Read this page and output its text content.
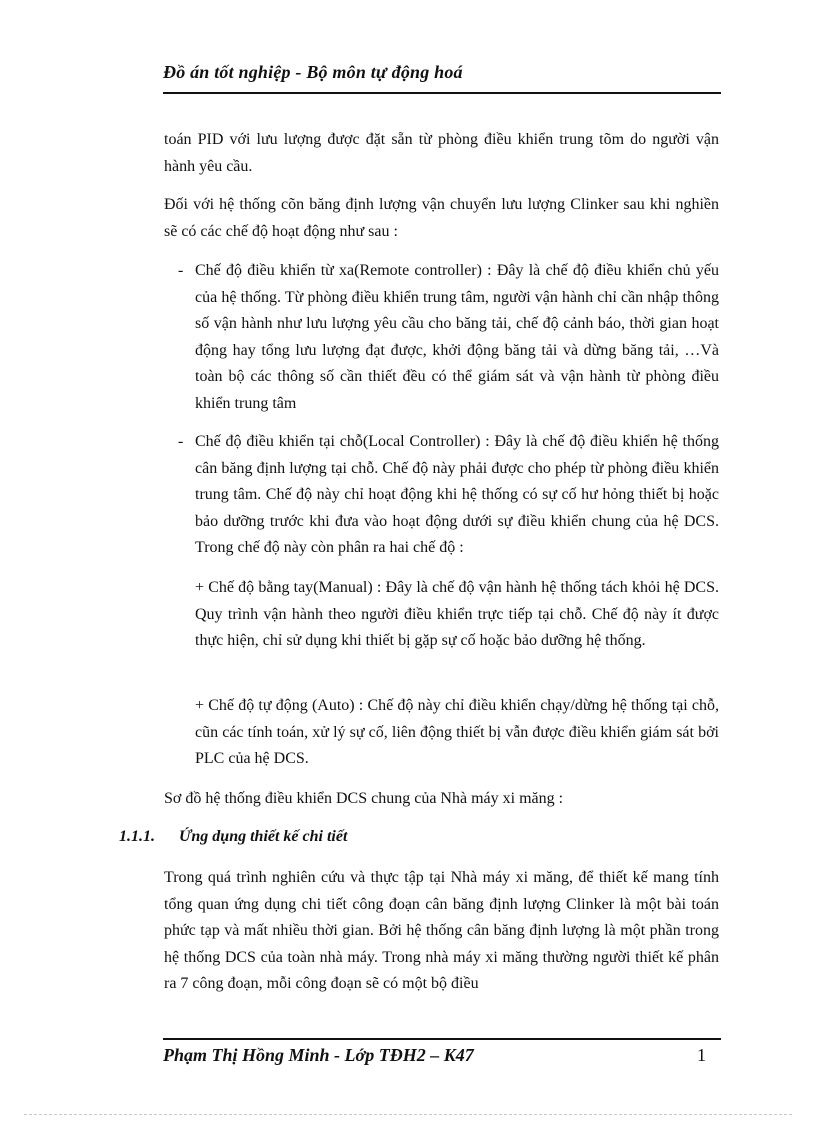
Đồ án tốt nghiệp - Bộ môn tự động hoá
toán PID với lưu lượng được đặt sẵn từ phòng điều khiển trung tõm do người vận hành yêu cầu.
Đối với hệ thống cõn băng định lượng vận chuyển lưu lượng Clinker sau khi nghiền sẽ có các chế độ hoạt động như sau :
- Chế độ điều khiển từ xa(Remote controller) : Đây là chế độ điều khiển chủ yếu của hệ thống. Từ phòng điều khiển trung tâm, người vận hành chỉ cần nhập thông số vận hành như lưu lượng yêu cầu cho băng tải, chế độ cảnh báo, thời gian hoạt động hay tổng lưu lượng đạt được, khởi động băng tải và dừng băng tải, …Và toàn bộ các thông số cần thiết đều có thể giám sát và vận hành từ phòng điều khiển trung tâm
- Chế độ điều khiển tại chỗ(Local Controller) : Đây là chế độ điều khiển hệ thống cân băng định lượng tại chỗ. Chế độ này phải được cho phép từ phòng điều khiển trung tâm. Chế độ này chỉ hoạt động khi hệ thống có sự cố hư hỏng thiết bị hoặc bảo dưỡng trước khi đưa vào hoạt động dưới sự điều khiển chung của hệ DCS. Trong chế độ này còn phân ra hai chế độ :
+ Chế độ bằng tay(Manual) : Đây là chế độ vận hành hệ thống tách khỏi hệ DCS. Quy trình vận hành theo người điều khiển trực tiếp tại chỗ. Chế độ này ít được thực hiện, chỉ sử dụng khi thiết bị gặp sự cố hoặc bảo dưỡng hệ thống.
+ Chế độ tự động (Auto) : Chế độ này chỉ điều khiển chạy/dừng hệ thống tại chỗ, cũn các tính toán, xử lý sự cố, liên động thiết bị vẫn được điều khiển giám sát bởi PLC của hệ DCS.
Sơ đồ hệ thống điều khiển DCS chung của Nhà máy xi măng :
1.1.1. Ứng dụng thiết kế chi tiết
Trong quá trình nghiên cứu và thực tập tại Nhà máy xi măng, để thiết kế mang tính tổng quan ứng dụng chi tiết công đoạn cân băng định lượng Clinker là một bài toán phức tạp và mất nhiều thời gian. Bởi hệ thống cân băng định lượng là một phần trong hệ thống DCS của toàn nhà máy. Trong nhà máy xi măng thường người thiết kế phân ra 7 công đoạn, mỗi công đoạn sẽ có một bộ điều
Phạm Thị Hồng Minh - Lớp TĐH2 – K47	1
